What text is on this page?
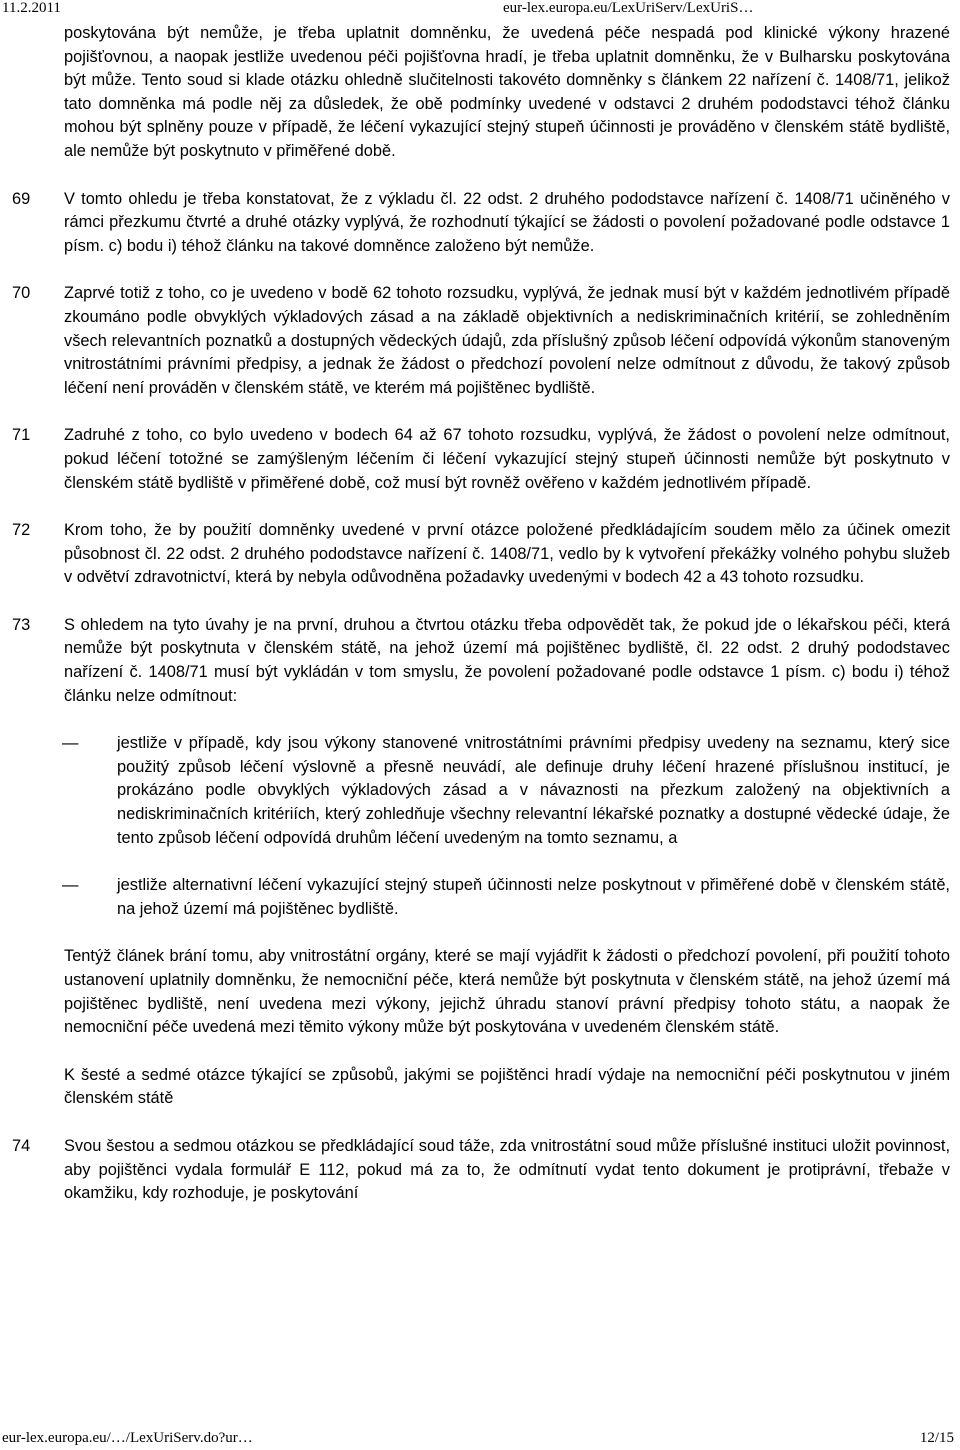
11.2.2011	eur-lex.europa.eu/LexUriServ/LexUriS…

poskytována být nemůže, je třeba uplatnit domněnku, že uvedená péče nespadá pod klinické výkony hrazené pojišťovnou, a naopak jestliže uvedenou péči pojišťovna hradí, je třeba uplatnit domněnku, že v Bulharsku poskytována být může. Tento soud si klade otázku ohledně slučitelnosti takovéto domněnky s článkem 22 nařízení č. 1408/71, jelikož tato domněnka má podle něj za důsledek, že obě podmínky uvedené v odstavci 2 druhém pododstavci téhož článku mohou být splněny pouze v případě, že léčení vykazující stejný stupeň účinnosti je prováděno v členském státě bydliště, ale nemůže být poskytnuto v přiměřené době.

69 V tomto ohledu je třeba konstatovat, že z výkladu čl. 22 odst. 2 druhého pododstavce nařízení č. 1408/71 učiněného v rámci přezkumu čtvrté a druhé otázky vyplývá, že rozhodnutí týkající se žádosti o povolení požadované podle odstavce 1 písm. c) bodu i) téhož článku na takové domněnce založeno být nemůže.
70 Zaprvé totiž z toho, co je uvedeno v bodě 62 tohoto rozsudku, vyplývá, že jednak musí být v každém jednotlivém případě zkoumáno podle obvyklých výkladových zásad a na základě objektivních a nediskriminačních kritérií, se zohledněním všech relevantních poznatků a dostupných vědeckých údajů, zda příslušný způsob léčení odpovídá výkonům stanoveným vnitrostátními právními předpisy, a jednak že žádost o předchozí povolení nelze odmítnout z důvodu, že takový způsob léčení není prováděn v členském státě, ve kterém má pojištěnec bydliště.
71 Zadruhé z toho, co bylo uvedeno v bodech 64 až 67 tohoto rozsudku, vyplývá, že žádost o povolení nelze odmítnout, pokud léčení totožné se zamýšleným léčením či léčení vykazující stejný stupeň účinnosti nemůže být poskytnuto v členském státě bydliště v přiměřené době, což musí být rovněž ověřeno v každém jednotlivém případě.
72 Krom toho, že by použití domněnky uvedené v první otázce položené předkládajícím soudem mělo za účinek omezit působnost čl. 22 odst. 2 druhého pododstavce nařízení č. 1408/71, vedlo by k vytvoření překážky volného pohybu služeb v odvětví zdravotnictví, která by nebyla odůvodněna požadavky uvedenými v bodech 42 a 43 tohoto rozsudku.
73 S ohledem na tyto úvahy je na první, druhou a čtvrtou otázku třeba odpovědět tak, že pokud jde o lékařskou péči, která nemůže být poskytnuta v členském státě, na jehož území má pojištěnec bydliště, čl. 22 odst. 2 druhý pododstavec nařízení č. 1408/71 musí být vykládán v tom smyslu, že povolení požadované podle odstavce 1 písm. c) bodu i) téhož článku nelze odmítnout:
— jestliže v případě, kdy jsou výkony stanovené vnitrostátními právními předpisy uvedeny na seznamu, který sice použitý způsob léčení výslovně a přesně neuvádí, ale definuje druhy léčení hrazené příslušnou institucí, je prokázáno podle obvyklých výkladových zásad a v návaznosti na přezkum založený na objektivních a nediskriminačních kritériích, který zohledňuje všechny relevantní lékařské poznatky a dostupné vědecké údaje, že tento způsob léčení odpovídá druhům léčení uvedeným na tomto seznamu, a
— jestliže alternativní léčení vykazující stejný stupeň účinnosti nelze poskytnout v přiměřené době v členském státě, na jehož území má pojištěnec bydliště.

Tentýž článek brání tomu, aby vnitrostátní orgány, které se mají vyjádřit k žádosti o předchozí povolení, při použití tohoto ustanovení uplatnily domněnku, že nemocniční péče, která nemůže být poskytnuta v členském státě, na jehož území má pojištěnec bydliště, není uvedena mezi výkony, jejichž úhradu stanoví právní předpisy tohoto státu, a naopak že nemocniční péče uvedená mezi těmito výkony může být poskytována v uvedeném členském státě.

K šesté a sedmé otázce týkající se způsobů, jakými se pojištěnci hradí výdaje na nemocniční péči poskytnutou v jiném členském státě

74 Svou šestou a sedmou otázkou se předkládající soud táže, zda vnitrostátní soud může příslušné instituci uložit povinnost, aby pojištěnci vydala formulář E 112, pokud má za to, že odmítnutí vydat tento dokument je protiprávní, třebaže v okamžiku, kdy rozhoduje, je poskytování
eur-lex.europa.eu/…/LexUriServ.do?ur…	12/15
